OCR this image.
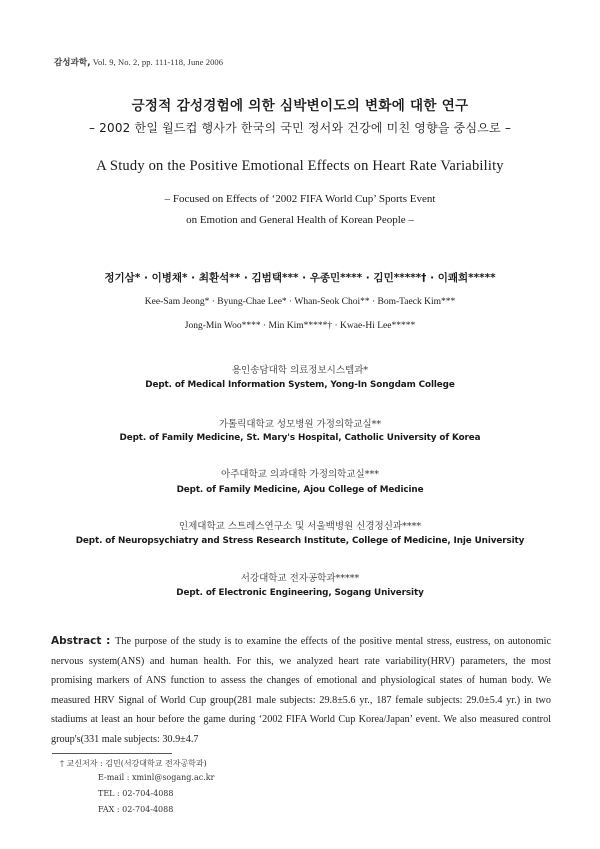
감성과학, Vol. 9, No. 2, pp. 111-118, June 2006
긍정적 감성경험에 의한 심박변이도의 변화에 대한 연구
– 2002 한일 월드컵 행사가 한국의 국민 정서와 건강에 미친 영향을 중심으로 –
A Study on the Positive Emotional Effects on Heart Rate Variability
– Focused on Effects of ‘2002 FIFA World Cup’ Sports Event
on Emotion and General Health of Korean People –
정기삼* · 이병채* · 최환석** · 김범택*** · 우종민**** · 김민*****† · 이쾌희*****
Kee-Sam Jeong* · Byung-Chae Lee* · Whan-Seok Choi** · Bom-Taeck Kim***
Jong-Min Woo**** · Min Kim*****† · Kwae-Hi Lee*****
용인송담대학 의료정보시스템과*
Dept. of Medical Information System, Yong-In Songdam College
가톨릭대학교 성모병원 가정의학교실**
Dept. of Family Medicine, St. Mary's Hospital, Catholic University of Korea
아주대학교 의과대학 가정의학교실***
Dept. of Family Medicine, Ajou College of Medicine
인제대학교 스트레스연구소 및 서울백병원 신경정신과****
Dept. of Neuropsychiatry and Stress Research Institute, College of Medicine, Inje University
서강대학교 전자공학과*****
Dept. of Electronic Engineering, Sogang University
Abstract : The purpose of the study is to examine the effects of the positive mental stress, eustress, on autonomic nervous system(ANS) and human health. For this, we analyzed heart rate variability(HRV) parameters, the most promising markers of ANS function to assess the changes of emotional and physiological states of human body. We measured HRV Signal of World Cup group(281 male subjects: 29.8±5.6 yr., 187 female subjects: 29.0±5.4 yr.) in two stadiums at least an hour before the game during ‘2002 FIFA World Cup Korea/Japan’ event. We also measured control group's(331 male subjects: 30.9±4.7
† 교신저자 : 김민(서강대학교 전자공학과)
E-mail : xminl@sogang.ac.kr
TEL : 02-704-4088
FAX : 02-704-4088
